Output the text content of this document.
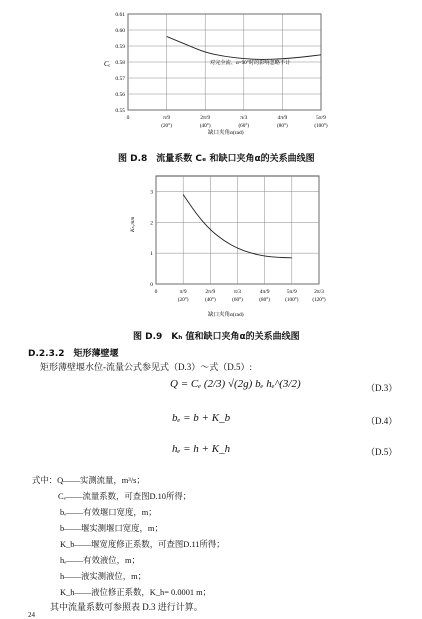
0.61
0.60
0.59
0.58
0.57
0.56
0.55
0	π/9
(20°)
2π/9
(40°)
π/3
(60°)
4π/9
(80°)
5π/9
(100°)
Cₑ	对完全流、α=90°时的影响忽略不计
缺口夹角α(rad)
图 D.8　流量系数 Cₑ 和缺口夹角α的关系曲线图
3
2
1
0
0	π/9
(20°)
2π/9
(40°)
π/3
(60°)
4π/9
(80°)
5π/9
(100°)
2π/3
(120°)
Kₕ,mm
缺口夹角α(rad)
图 D.9　Kₕ 值和缺口夹角α的关系曲线图
D.2.3.2　矩形薄壁堰
矩形薄壁堰水位-流量公式参见式（D.3）～式（D.5）:
Q = Cₑ (2/3) √(2g) bₑ hₑ^(3/2)	（D.3）
bₑ = b + K_b	（D.4）
hₑ = h + K_h	（D.5）
式中：Q——实测流量，m³/s；
Cₑ——流量系数，可查图D.10所得；
bₑ——有效堰口宽度，m；
b——堰实测堰口宽度，m；
K_b——堰宽度修正系数，可查图D.11所得；
hₑ——有效液位，m；
h——液实测液位，m；
K_h——液位修正系数，K_h= 0.0001 m；
其中流量系数可参照表 D.3 进行计算。
24
